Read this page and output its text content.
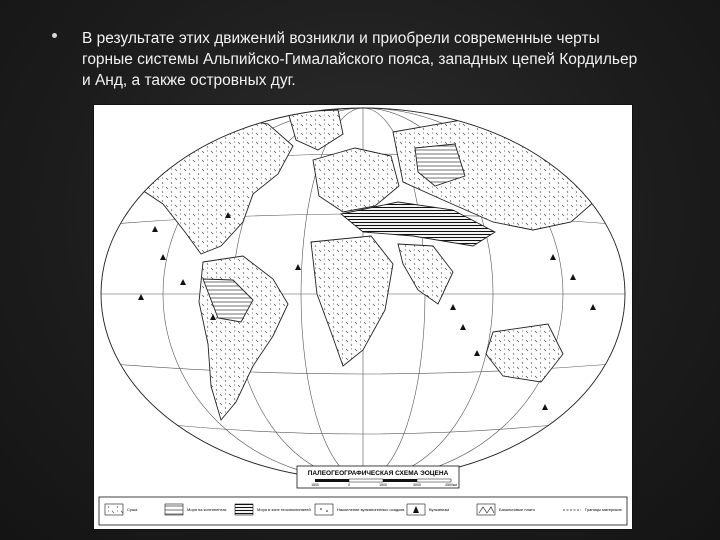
В результате этих движений возникли и приобрели современные черты горные системы Альпийско-Гималайского пояса, западных цепей Кордильер и Анд, а также островных дуг.
ПАЛЕОГЕОГРАФИЧЕСКАЯ СХЕМА ЭОЦЕНА
1500	0	1500	3000	4500км
Суша	Моря на континентах	Моря в зоне геосинклиналей	Накопление вулканогенных осадков	Вулканизм	Базальтовые плато	Границы материков
